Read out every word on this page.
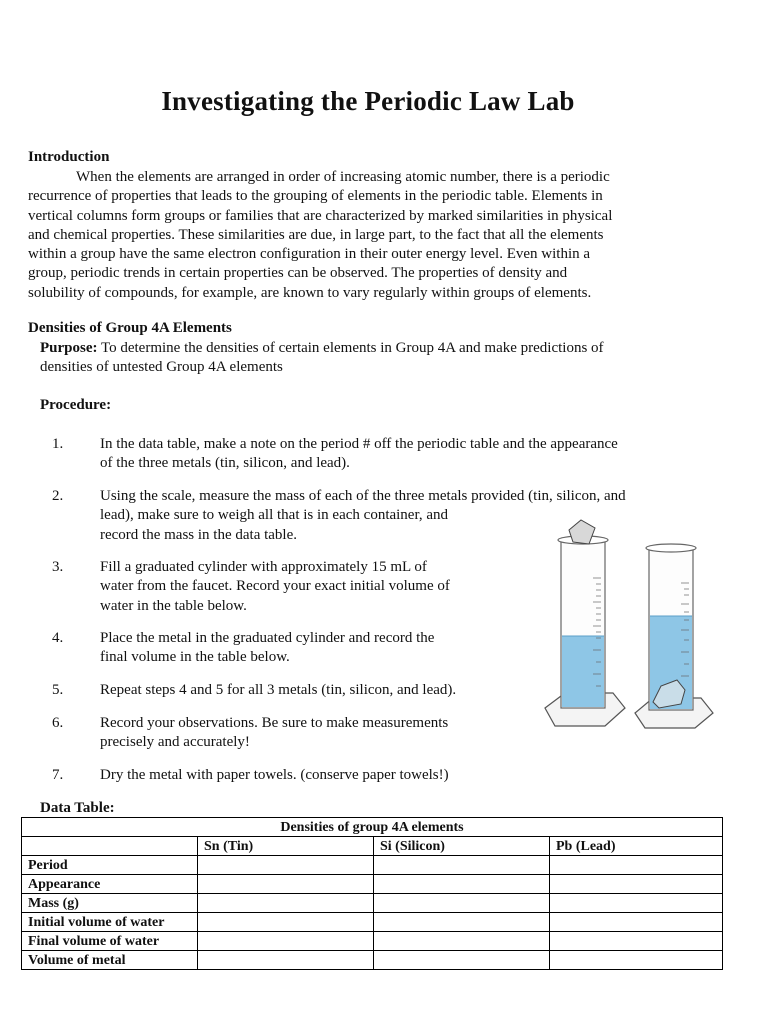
Investigating the Periodic Law Lab
Introduction
When the elements are arranged in order of increasing atomic number, there is a periodic
recurrence of properties that leads to the grouping of elements in the periodic table. Elements in
vertical columns form groups or families that are characterized by marked similarities in physical
and chemical properties. These similarities are due, in large part, to the fact that all the elements
within a group have the same electron configuration in their outer energy level. Even within a
group, periodic trends in certain properties can be observed. The properties of density and
solubility of compounds, for example, are known to vary regularly within groups of elements.
Densities of Group 4A Elements
Purpose: To determine the densities of certain elements in Group 4A and make predictions of
densities of untested Group 4A elements
Procedure:
1. In the data table, make a note on the period # off the periodic table and the appearance
of the three metals (tin, silicon, and lead).
2. Using the scale, measure the mass of each of the three metals provided (tin, silicon, and
lead), make sure to weigh all that is in each container, and
record the mass in the data table.
3. Fill a graduated cylinder with approximately 15 mL of
water from the faucet. Record your exact initial volume of
water in the table below.
4. Place the metal in the graduated cylinder and record the
final volume in the table below.
5. Repeat steps 4 and 5 for all 3 metals (tin, silicon, and lead).
6. Record your observations. Be sure to make measurements
precisely and accurately!
7. Dry the metal with paper towels. (conserve paper towels!)
Data Table:
Densities of group 4A elements			
	Sn (Tin)	Si (Silicon)	Pb (Lead)
Period			
Appearance			
Mass (g)			
Initial volume of water			
Final volume of water			
Volume of metal			
